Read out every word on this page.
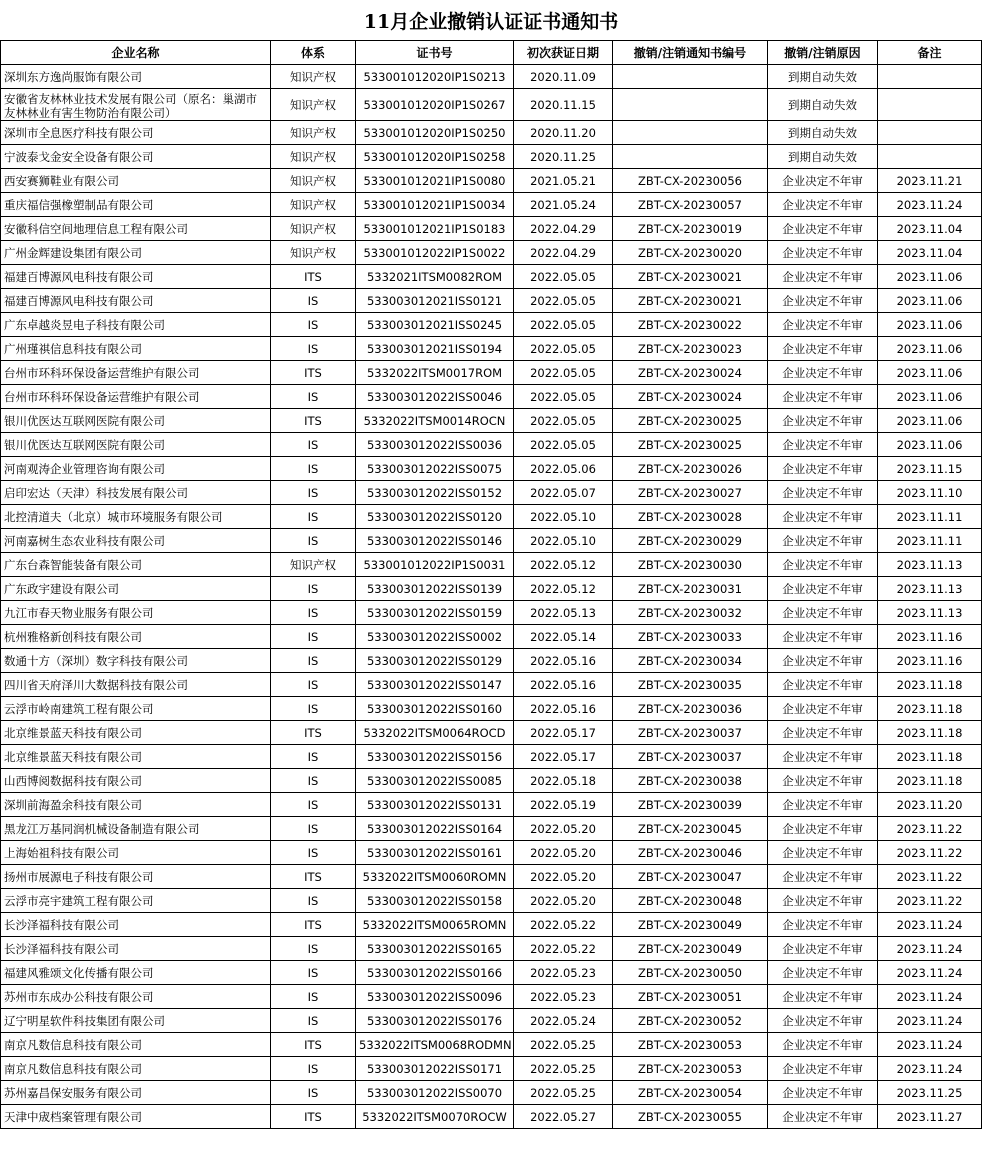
11月企业撤销认证证书通知书
企业名称	体系	证书号	初次获证日期	撤销/注销通知书编号	撤销/注销原因	备注
深圳东方逸尚服饰有限公司	知识产权	533001012020IP1S0213	2020.11.09		到期自动失效	
安徽省友林林业技术发展有限公司（原名：巢湖市友林林业有害生物防治有限公司）	知识产权	533001012020IP1S0267	2020.11.15		到期自动失效	
深圳市全息医疗科技有限公司	知识产权	533001012020IP1S0250	2020.11.20		到期自动失效	
宁波泰戈金安全设备有限公司	知识产权	533001012020IP1S0258	2020.11.25		到期自动失效	
西安赛狮鞋业有限公司	知识产权	533001012021IP1S0080	2021.05.21	ZBT-CX-20230056	企业决定不年审	2023.11.21
重庆福信强橡塑制品有限公司	知识产权	533001012021IP1S0034	2021.05.24	ZBT-CX-20230057	企业决定不年审	2023.11.24
安徽科信空间地理信息工程有限公司	知识产权	533001012021IP1S0183	2022.04.29	ZBT-CX-20230019	企业决定不年审	2023.11.04
广州金辉建设集团有限公司	知识产权	533001012022IP1S0022	2022.04.29	ZBT-CX-20230020	企业决定不年审	2023.11.04
福建百博源风电科技有限公司	ITS	5332021ITSM0082ROM	2022.05.05	ZBT-CX-20230021	企业决定不年审	2023.11.06
福建百博源风电科技有限公司	IS	533003012021ISS0121	2022.05.05	ZBT-CX-20230021	企业决定不年审	2023.11.06
广东卓越炎昱电子科技有限公司	IS	533003012021ISS0245	2022.05.05	ZBT-CX-20230022	企业决定不年审	2023.11.06
广州瑾祺信息科技有限公司	IS	533003012021ISS0194	2022.05.05	ZBT-CX-20230023	企业决定不年审	2023.11.06
台州市环科环保设备运营维护有限公司	ITS	5332022ITSM0017ROM	2022.05.05	ZBT-CX-20230024	企业决定不年审	2023.11.06
台州市环科环保设备运营维护有限公司	IS	533003012022ISS0046	2022.05.05	ZBT-CX-20230024	企业决定不年审	2023.11.06
银川优医达互联网医院有限公司	ITS	5332022ITSM0014ROCN	2022.05.05	ZBT-CX-20230025	企业决定不年审	2023.11.06
银川优医达互联网医院有限公司	IS	533003012022ISS0036	2022.05.05	ZBT-CX-20230025	企业决定不年审	2023.11.06
河南观涛企业管理咨询有限公司	IS	533003012022ISS0075	2022.05.06	ZBT-CX-20230026	企业决定不年审	2023.11.15
启印宏达（天津）科技发展有限公司	IS	533003012022ISS0152	2022.05.07	ZBT-CX-20230027	企业决定不年审	2023.11.10
北控清道夫（北京）城市环境服务有限公司	IS	533003012022ISS0120	2022.05.10	ZBT-CX-20230028	企业决定不年审	2023.11.11
河南嘉树生态农业科技有限公司	IS	533003012022ISS0146	2022.05.10	ZBT-CX-20230029	企业决定不年审	2023.11.11
广东台森智能装备有限公司	知识产权	533001012022IP1S0031	2022.05.12	ZBT-CX-20230030	企业决定不年审	2023.11.13
广东政宇建设有限公司	IS	533003012022ISS0139	2022.05.12	ZBT-CX-20230031	企业决定不年审	2023.11.13
九江市春天物业服务有限公司	IS	533003012022ISS0159	2022.05.13	ZBT-CX-20230032	企业决定不年审	2023.11.13
杭州雅格新创科技有限公司	IS	533003012022ISS0002	2022.05.14	ZBT-CX-20230033	企业决定不年审	2023.11.16
数通十方（深圳）数字科技有限公司	IS	533003012022ISS0129	2022.05.16	ZBT-CX-20230034	企业决定不年审	2023.11.16
四川省天府泽川大数据科技有限公司	IS	533003012022ISS0147	2022.05.16	ZBT-CX-20230035	企业决定不年审	2023.11.18
云浮市岭南建筑工程有限公司	IS	533003012022ISS0160	2022.05.16	ZBT-CX-20230036	企业决定不年审	2023.11.18
北京维景蓝天科技有限公司	ITS	5332022ITSM0064ROCD	2022.05.17	ZBT-CX-20230037	企业决定不年审	2023.11.18
北京维景蓝天科技有限公司	IS	533003012022ISS0156	2022.05.17	ZBT-CX-20230037	企业决定不年审	2023.11.18
山西博阅数据科技有限公司	IS	533003012022ISS0085	2022.05.18	ZBT-CX-20230038	企业决定不年审	2023.11.18
深圳前海盈余科技有限公司	IS	533003012022ISS0131	2022.05.19	ZBT-CX-20230039	企业决定不年审	2023.11.20
黑龙江万基同润机械设备制造有限公司	IS	533003012022ISS0164	2022.05.20	ZBT-CX-20230045	企业决定不年审	2023.11.22
上海始祖科技有限公司	IS	533003012022ISS0161	2022.05.20	ZBT-CX-20230046	企业决定不年审	2023.11.22
扬州市展源电子科技有限公司	ITS	5332022ITSM0060ROMN	2022.05.20	ZBT-CX-20230047	企业决定不年审	2023.11.22
云浮市亮宇建筑工程有限公司	IS	533003012022ISS0158	2022.05.20	ZBT-CX-20230048	企业决定不年审	2023.11.22
长沙泽福科技有限公司	ITS	5332022ITSM0065ROMN	2022.05.22	ZBT-CX-20230049	企业决定不年审	2023.11.24
长沙泽福科技有限公司	IS	533003012022ISS0165	2022.05.22	ZBT-CX-20230049	企业决定不年审	2023.11.24
福建风雅颂文化传播有限公司	IS	533003012022ISS0166	2022.05.23	ZBT-CX-20230050	企业决定不年审	2023.11.24
苏州市东成办公科技有限公司	IS	533003012022ISS0096	2022.05.23	ZBT-CX-20230051	企业决定不年审	2023.11.24
辽宁明星软件科技集团有限公司	IS	533003012022ISS0176	2022.05.24	ZBT-CX-20230052	企业决定不年审	2023.11.24
南京凡数信息科技有限公司	ITS	5332022ITSM0068RODMN	2022.05.25	ZBT-CX-20230053	企业决定不年审	2023.11.24
南京凡数信息科技有限公司	IS	533003012022ISS0171	2022.05.25	ZBT-CX-20230053	企业决定不年审	2023.11.24
苏州嘉昌保安服务有限公司	IS	533003012022ISS0070	2022.05.25	ZBT-CX-20230054	企业决定不年审	2023.11.25
天津中宬档案管理有限公司	ITS	5332022ITSM0070ROCW	2022.05.27	ZBT-CX-20230055	企业决定不年审	2023.11.27
